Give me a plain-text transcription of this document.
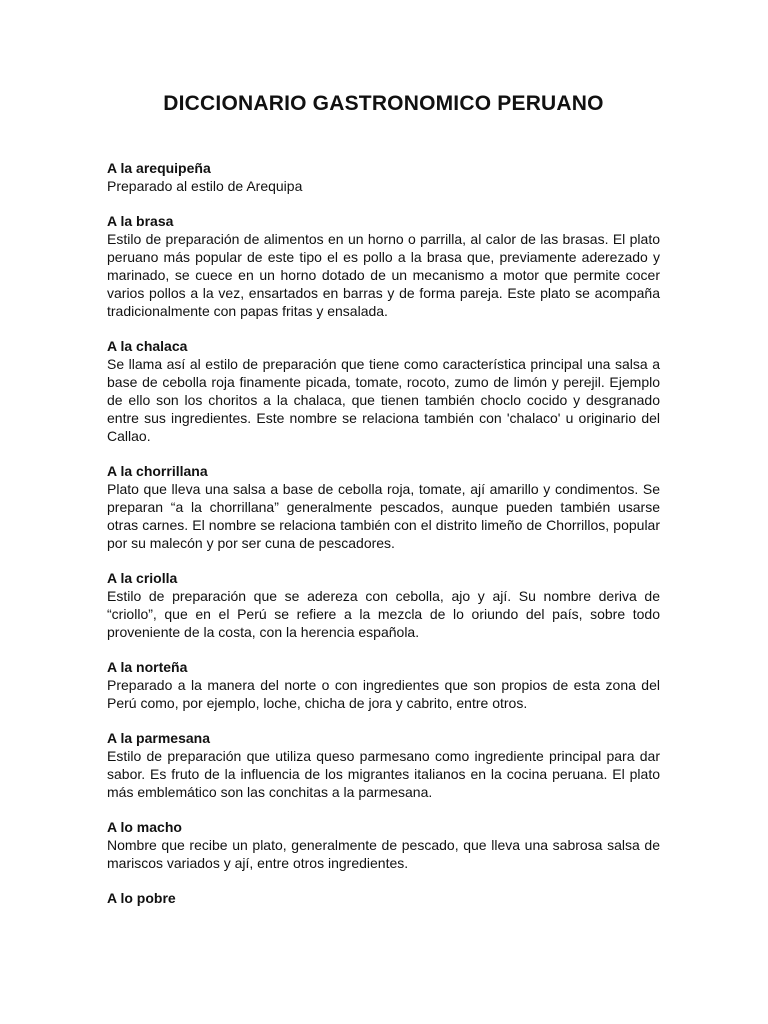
DICCIONARIO GASTRONOMICO PERUANO

A la arequipeña

Preparado al estilo de Arequipa

A la brasa

Estilo de preparación de alimentos en un horno o parrilla, al calor de las brasas. El plato peruano más popular de este tipo el es pollo a la brasa que, previamente aderezado y marinado, se cuece en un horno dotado de un mecanismo a motor que permite cocer varios pollos a la vez, ensartados en barras y de forma pareja. Este plato se acompaña tradicionalmente con papas fritas y ensalada.

A la chalaca

Se llama así al estilo de preparación que tiene como característica principal una salsa a base de cebolla roja finamente picada, tomate, rocoto, zumo de limón y perejil. Ejemplo de ello son los choritos a la chalaca, que tienen también choclo cocido y desgranado entre sus ingredientes. Este nombre se relaciona también con 'chalaco' u originario del Callao.

A la chorrillana

Plato que lleva una salsa a base de cebolla roja, tomate, ají amarillo y condimentos. Se preparan “a la chorrillana” generalmente pescados, aunque pueden también usarse otras carnes. El nombre se relaciona también con el distrito limeño de Chorrillos, popular por su malecón y por ser cuna de pescadores.

A la criolla

Estilo de preparación que se adereza con cebolla, ajo y ají. Su nombre deriva de “criollo”, que en el Perú se refiere a la mezcla de lo oriundo del país, sobre todo proveniente de la costa, con la herencia española.

A la norteña

Preparado a la manera del norte o con ingredientes que son propios de esta zona del Perú como, por ejemplo, loche, chicha de jora y cabrito, entre otros.

A la parmesana

Estilo de preparación que utiliza queso parmesano como ingrediente principal para dar sabor. Es fruto de la influencia de los migrantes italianos en la cocina peruana. El plato más emblemático son las conchitas a la parmesana.

A lo macho

Nombre que recibe un plato, generalmente de pescado, que lleva una sabrosa salsa de mariscos variados y ají, entre otros ingredientes.

A lo pobre
